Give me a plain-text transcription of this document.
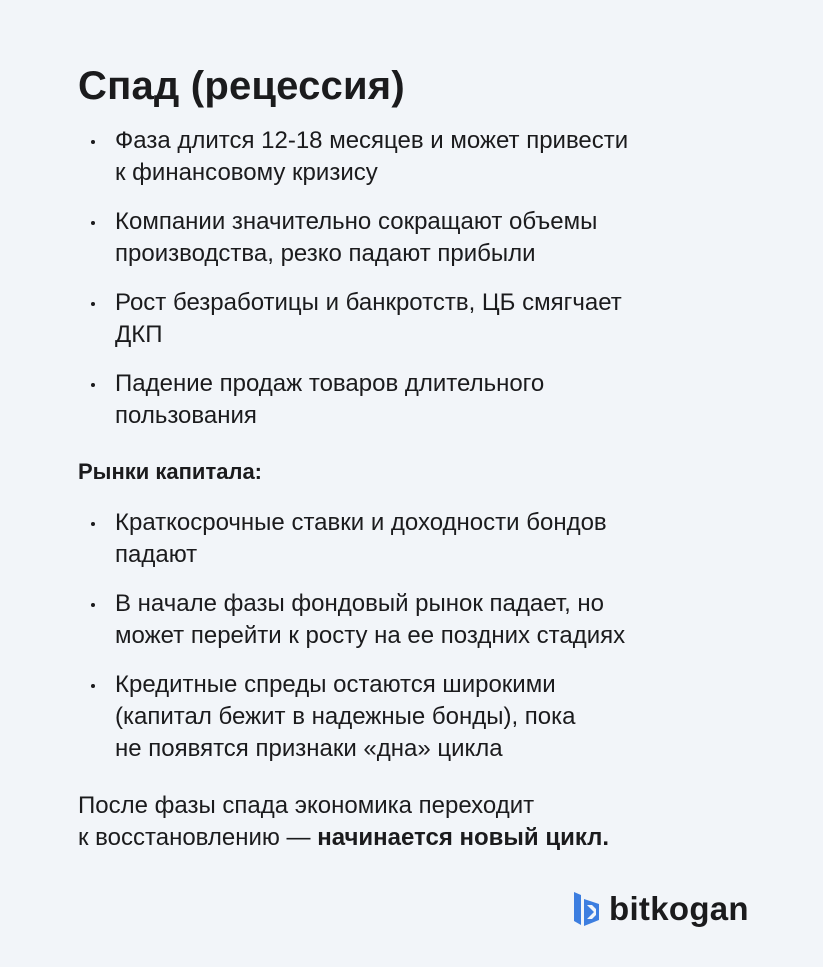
Спад (рецессия)
Фаза длится 12-18 месяцев и может привести
к финансовому кризису
Компании значительно сокращают объемы
производства, резко падают прибыли
Рост безработицы и банкротств, ЦБ смягчает
ДКП
Падение продаж товаров длительного
пользования
Рынки капитала:
Краткосрочные ставки и доходности бондов
падают
В начале фазы фондовый рынок падает, но
может перейти к росту на ее поздних стадиях
Кредитные спреды остаются широкими
(капитал бежит в надежные бонды), пока
не появятся признаки «дна» цикла

После фазы спада экономика переходит
к восстановлению — начинается новый цикл.

bitkogan
